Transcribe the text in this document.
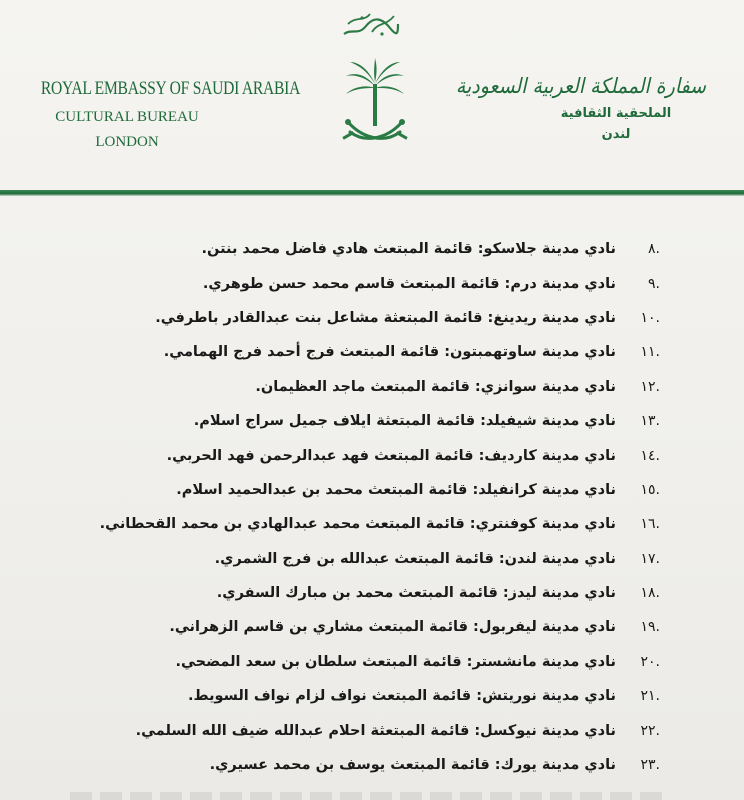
ROYAL EMBASSY OF SAUDI ARABIA
CULTURAL BUREAU
LONDON
سفارة المملكة العربية السعودية
الملحقية الثقافية
لندن
.٨
نادي مدينة جلاسكو: قائمة المبتعث هادي فاضل محمد بنتن.
.٩
نادي مدينة درم: قائمة المبتعث قاسم محمد حسن طوهري.
.١٠
نادي مدينة ريدينغ: قائمة المبتعثة مشاعل بنت عبدالقادر باطرفي.
.١١
نادي مدينة ساوتهمبتون: قائمة المبتعث فرج أحمد فرج الهمامي.
.١٢
نادي مدينة سوانزي: قائمة المبتعث ماجد العظيمان.
.١٣
نادي مدينة شيفيلد: قائمة المبتعثة ايلاف جميل سراج اسلام.
.١٤
نادي مدينة كارديف: قائمة المبتعث فهد عبدالرحمن فهد الحربي.
.١٥
نادي مدينة كرانفيلد: قائمة المبتعث محمد بن عبدالحميد اسلام.
.١٦
نادي مدينة كوفنتري: قائمة المبتعث محمد عبدالهادي بن محمد القحطاني.
.١٧
نادي مدينة لندن: قائمة المبتعث عبدالله بن فرج الشمري.
.١٨
نادي مدينة ليدز: قائمة المبتعث محمد بن مبارك السفري.
.١٩
نادي مدينة ليفربول: قائمة المبتعث مشاري بن قاسم الزهراني.
.٢٠
نادي مدينة مانشستر: قائمة المبتعث سلطان بن سعد المضحي.
.٢١
نادي مدينة نوريتش: قائمة المبتعث نواف لزام نواف السويط.
.٢٢
نادي مدينة نيوكسل: قائمة المبتعثة احلام عبدالله ضيف الله السلمي.
.٢٣
نادي مدينة يورك: قائمة المبتعث يوسف بن محمد عسيري.
